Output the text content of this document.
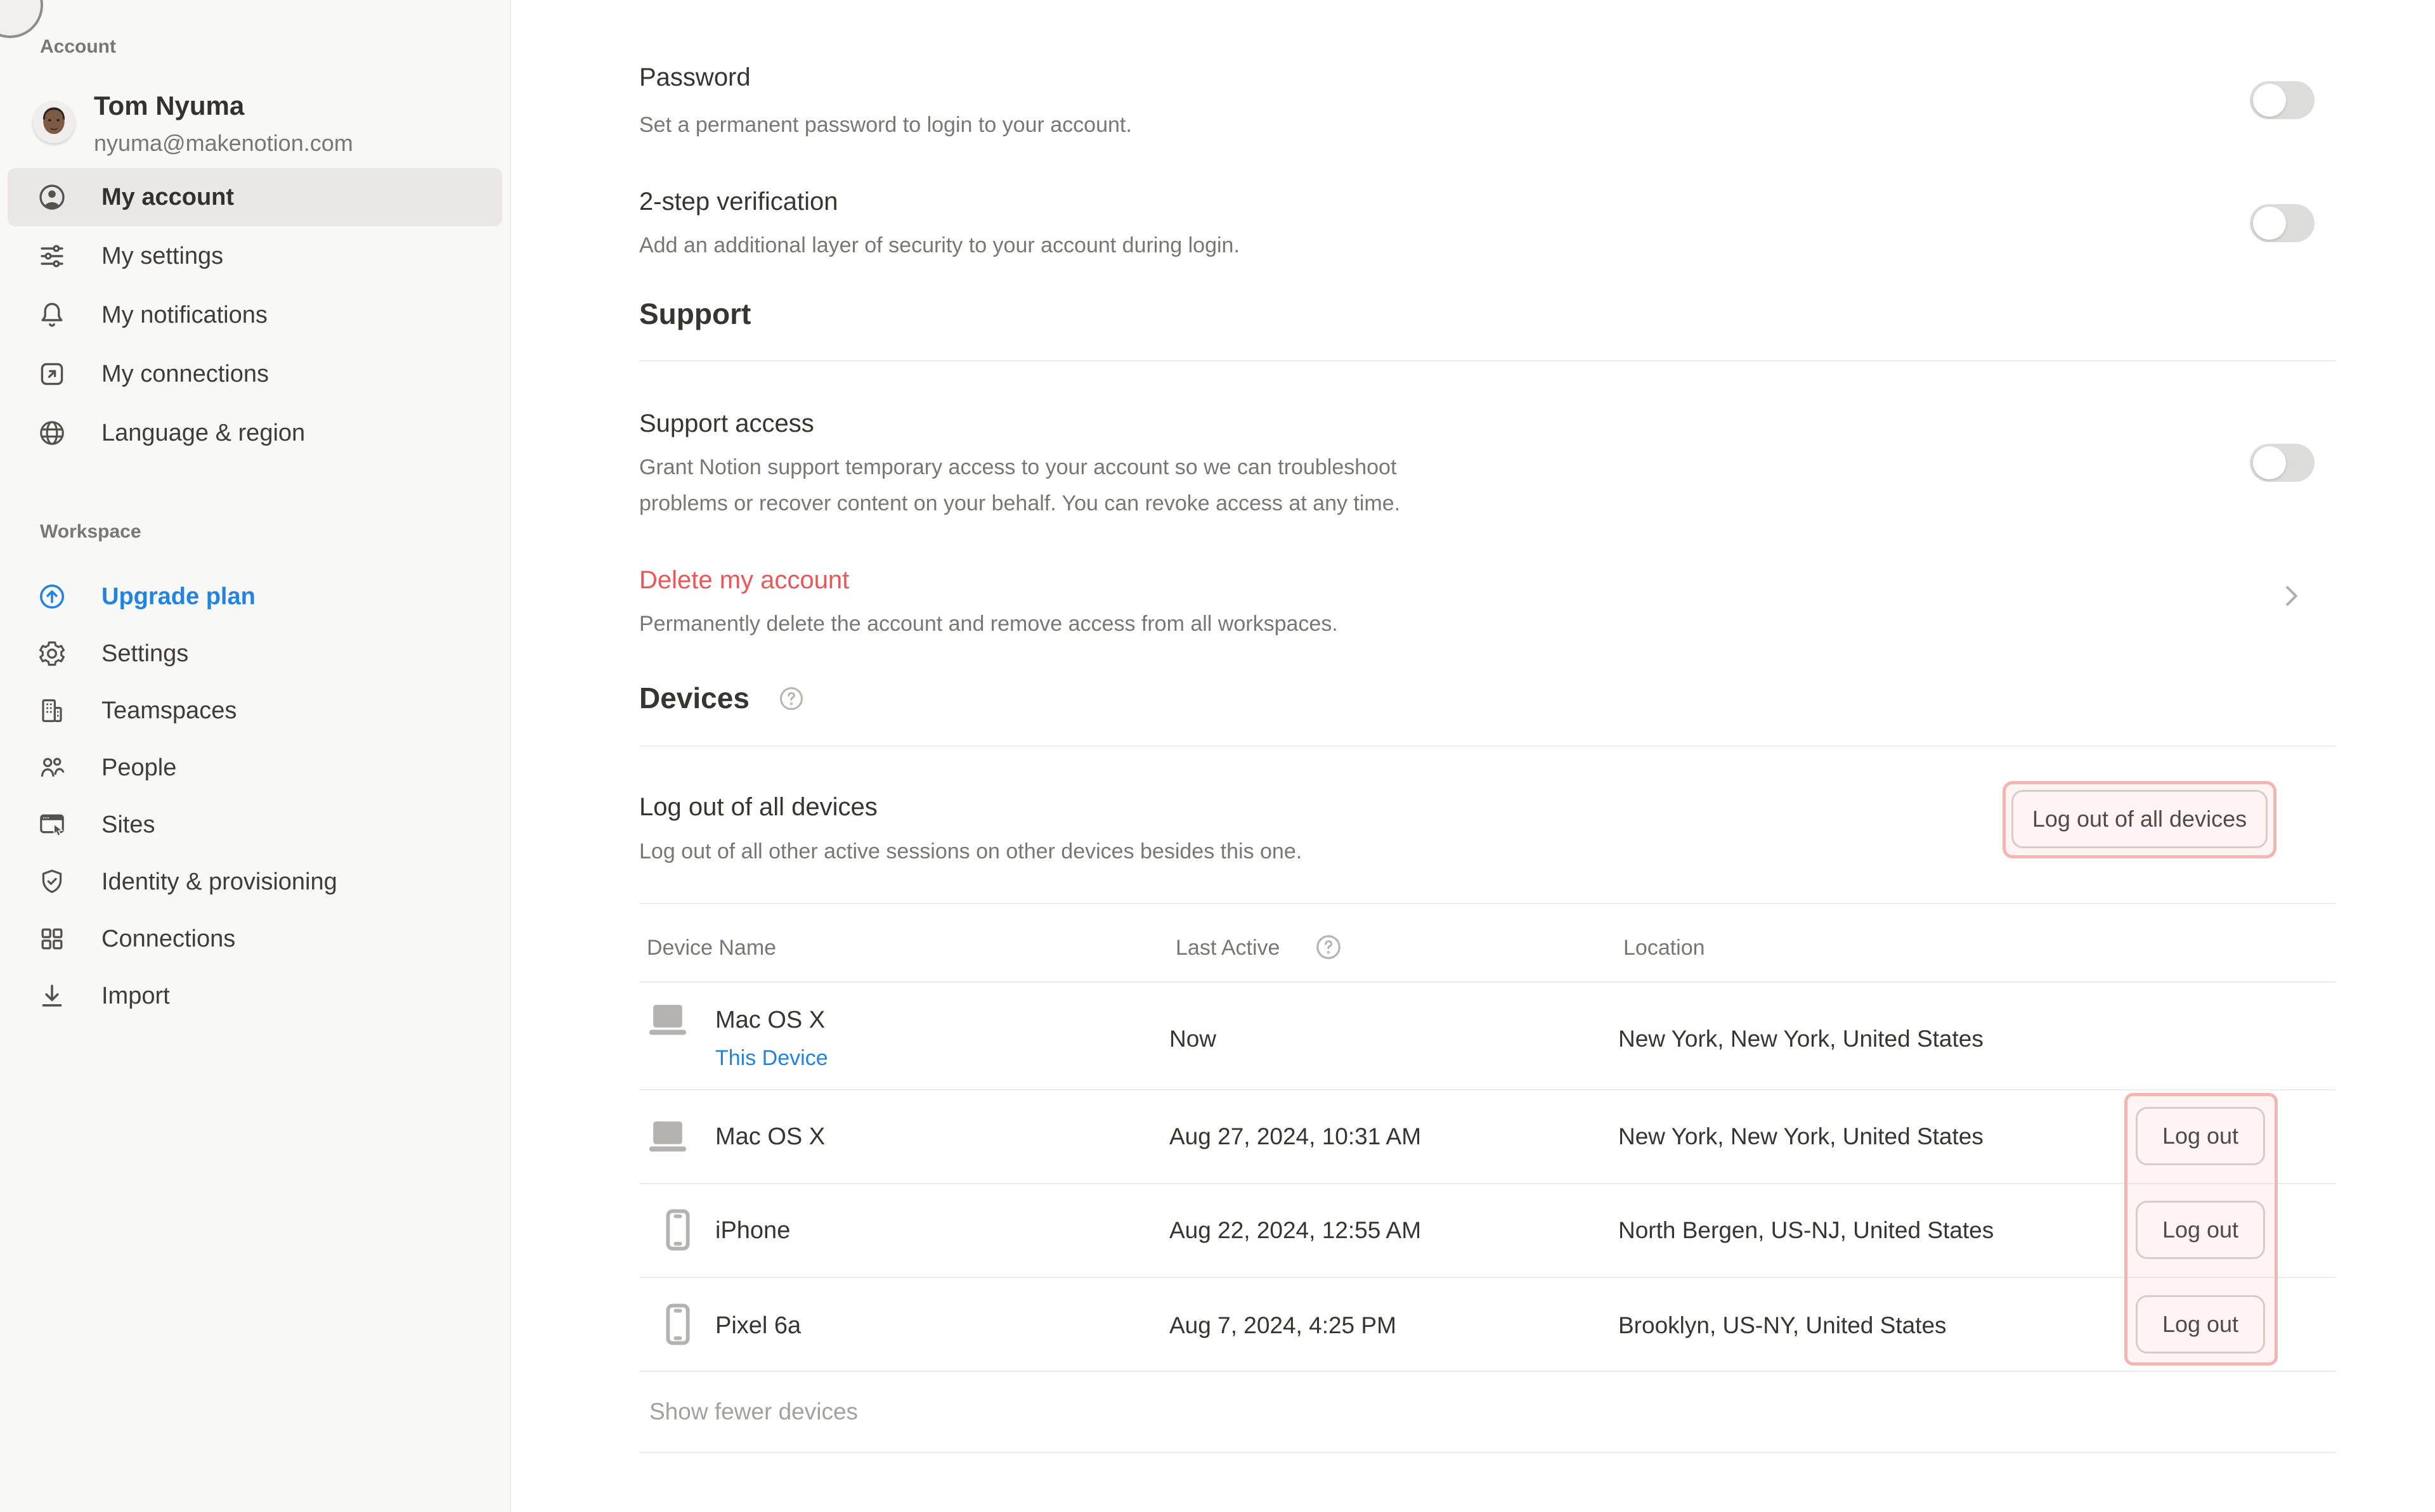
Account
Tom Nyuma
nyuma@makenotion.com
My account
My settings
My notifications
My connections
Language & region
Workspace
Upgrade plan
Settings
Teamspaces
People
Sites
Identity & provisioning
Connections
Import
Password
Set a permanent password to login to your account.
2-step verification
Add an additional layer of security to your account during login.
Support
Support access
Grant Notion support temporary access to your account so we can troubleshoot
problems or recover content on your behalf. You can revoke access at any time.
Delete my account
Permanently delete the account and remove access from all workspaces.
Devices
Log out of all devices
Log out of all other active sessions on other devices besides this one.
Log out of all devices
Device Name	Last Active	Location
Mac OS X
This Device
Now	New York, New York, United States
Mac OS X	Aug 27, 2024, 10:31 AM	New York, New York, United States	Log out
iPhone	Aug 22, 2024, 12:55 AM	North Bergen, US-NJ, United States	Log out
Pixel 6a	Aug 7, 2024, 4:25 PM	Brooklyn, US-NY, United States	Log out
Show fewer devices
